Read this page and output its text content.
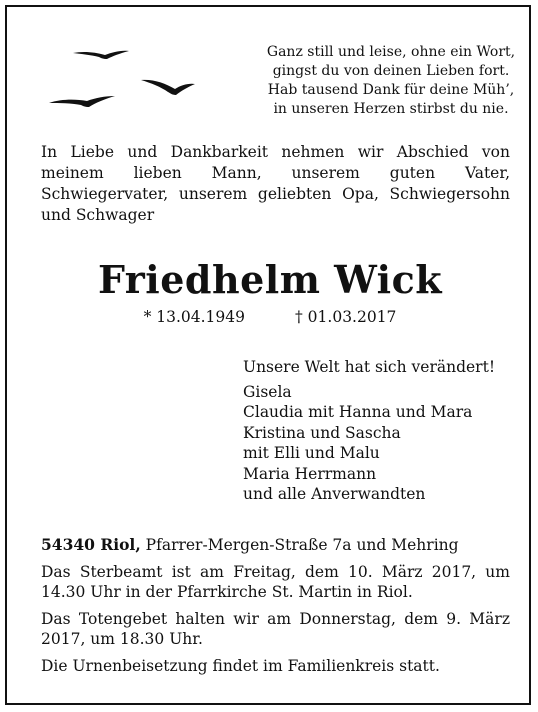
Ganz still und leise, ohne ein Wort,
gingst du von deinen Lieben fort.
Hab tausend Dank für deine Müh’,
in unseren Herzen stirbst du nie.
In Liebe und Dankbarkeit nehmen wir Abschied von meinem lieben Mann, unserem guten Vater, Schwiegervater, unserem geliebten Opa, Schwiegersohn und Schwager
Friedhelm Wick
* 13.04.1949	† 01.03.2017
Unsere Welt hat sich verändert!
Gisela
Claudia mit Hanna und Mara
Kristina und Sascha
mit Elli und Malu
Maria Herrmann
und alle Anverwandten

54340 Riol, Pfarrer-Mergen-Straße 7a und Mehring

Das Sterbeamt ist am Freitag, dem 10. März 2017, um 14.30 Uhr in der Pfarrkirche St. Martin in Riol.

Das Totengebet halten wir am Donnerstag, dem 9. März 2017, um 18.30 Uhr.

Die Urnenbeisetzung findet im Familienkreis statt.
